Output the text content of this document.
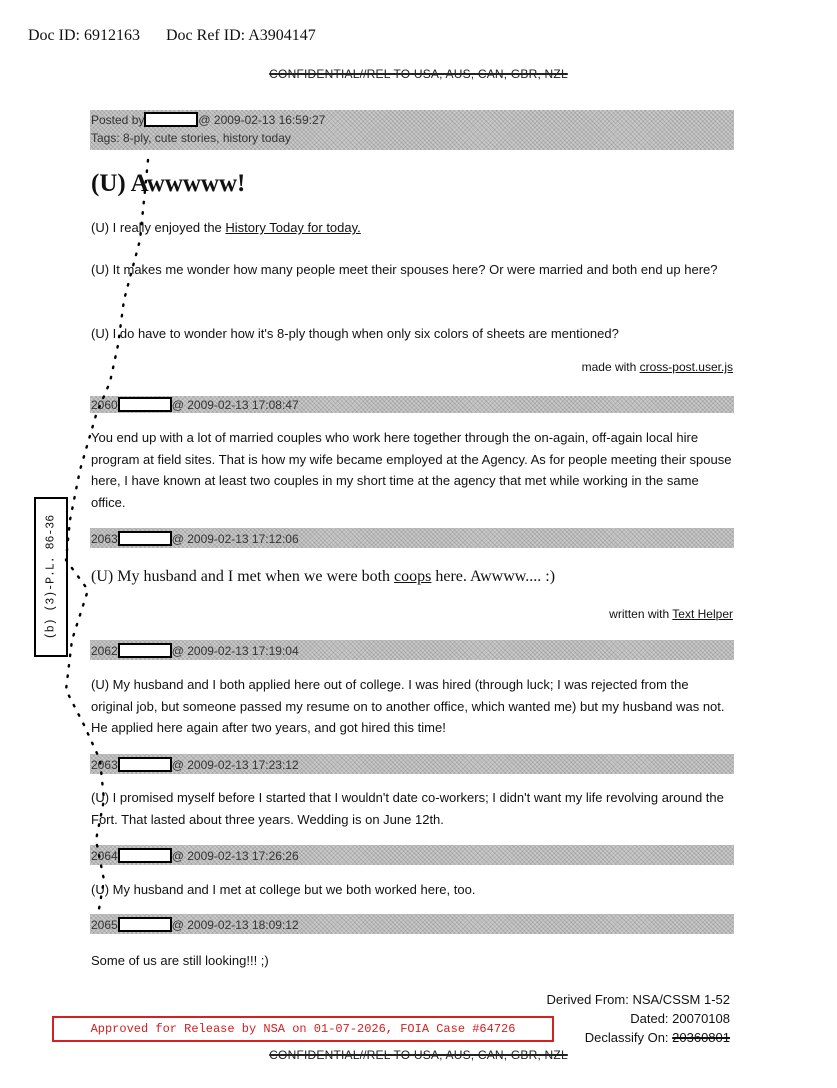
Doc ID: 6912163 Doc Ref ID: A3904147
CONFIDENTIAL//REL TO USA, AUS, CAN, GBR, NZL
Posted by	@ 2009-02-13 16:59:27
Tags: 8-ply, cute stories, history today
(U) Awwwww!
(U) I really enjoyed the History Today for today.
(U) It makes me wonder how many people meet their spouses here? Or were married and both end up here?
(U) I do have to wonder how it's 8-ply though when only six colors of sheets are mentioned?
made with cross-post.user.js
2060	@ 2009-02-13 17:08:47
You end up with a lot of married couples who work here together through the on-again, off-again local hire program at field sites. That is how my wife became employed at the Agency. As for people meeting their spouse here, I have known at least two couples in my short time at the agency that met while working in the same office.
2063	@ 2009-02-13 17:12:06
(U) My husband and I met when we were both coops here. Awwww.... :)
written with Text Helper
2062	@ 2009-02-13 17:19:04
(U) My husband and I both applied here out of college. I was hired (through luck; I was rejected from the original job, but someone passed my resume on to another office, which wanted me) but my husband was not. He applied here again after two years, and got hired this time!
2063	@ 2009-02-13 17:23:12
(U) I promised myself before I started that I wouldn't date co-workers; I didn't want my life revolving around the Fort. That lasted about three years. Wedding is on June 12th.
2064	@ 2009-02-13 17:26:26
(U) My husband and I met at college but we both worked here, too.
2065	@ 2009-02-13 18:09:12
Some of us are still looking!!! ;)
(b) (3)-P.L. 86-36
Derived From: NSA/CSSM 1-52
Dated: 20070108
Declassify On: 20360801
Approved for Release by NSA on 01-07-2026, FOIA Case #64726
CONFIDENTIAL//REL TO USA, AUS, CAN, GBR, NZL
